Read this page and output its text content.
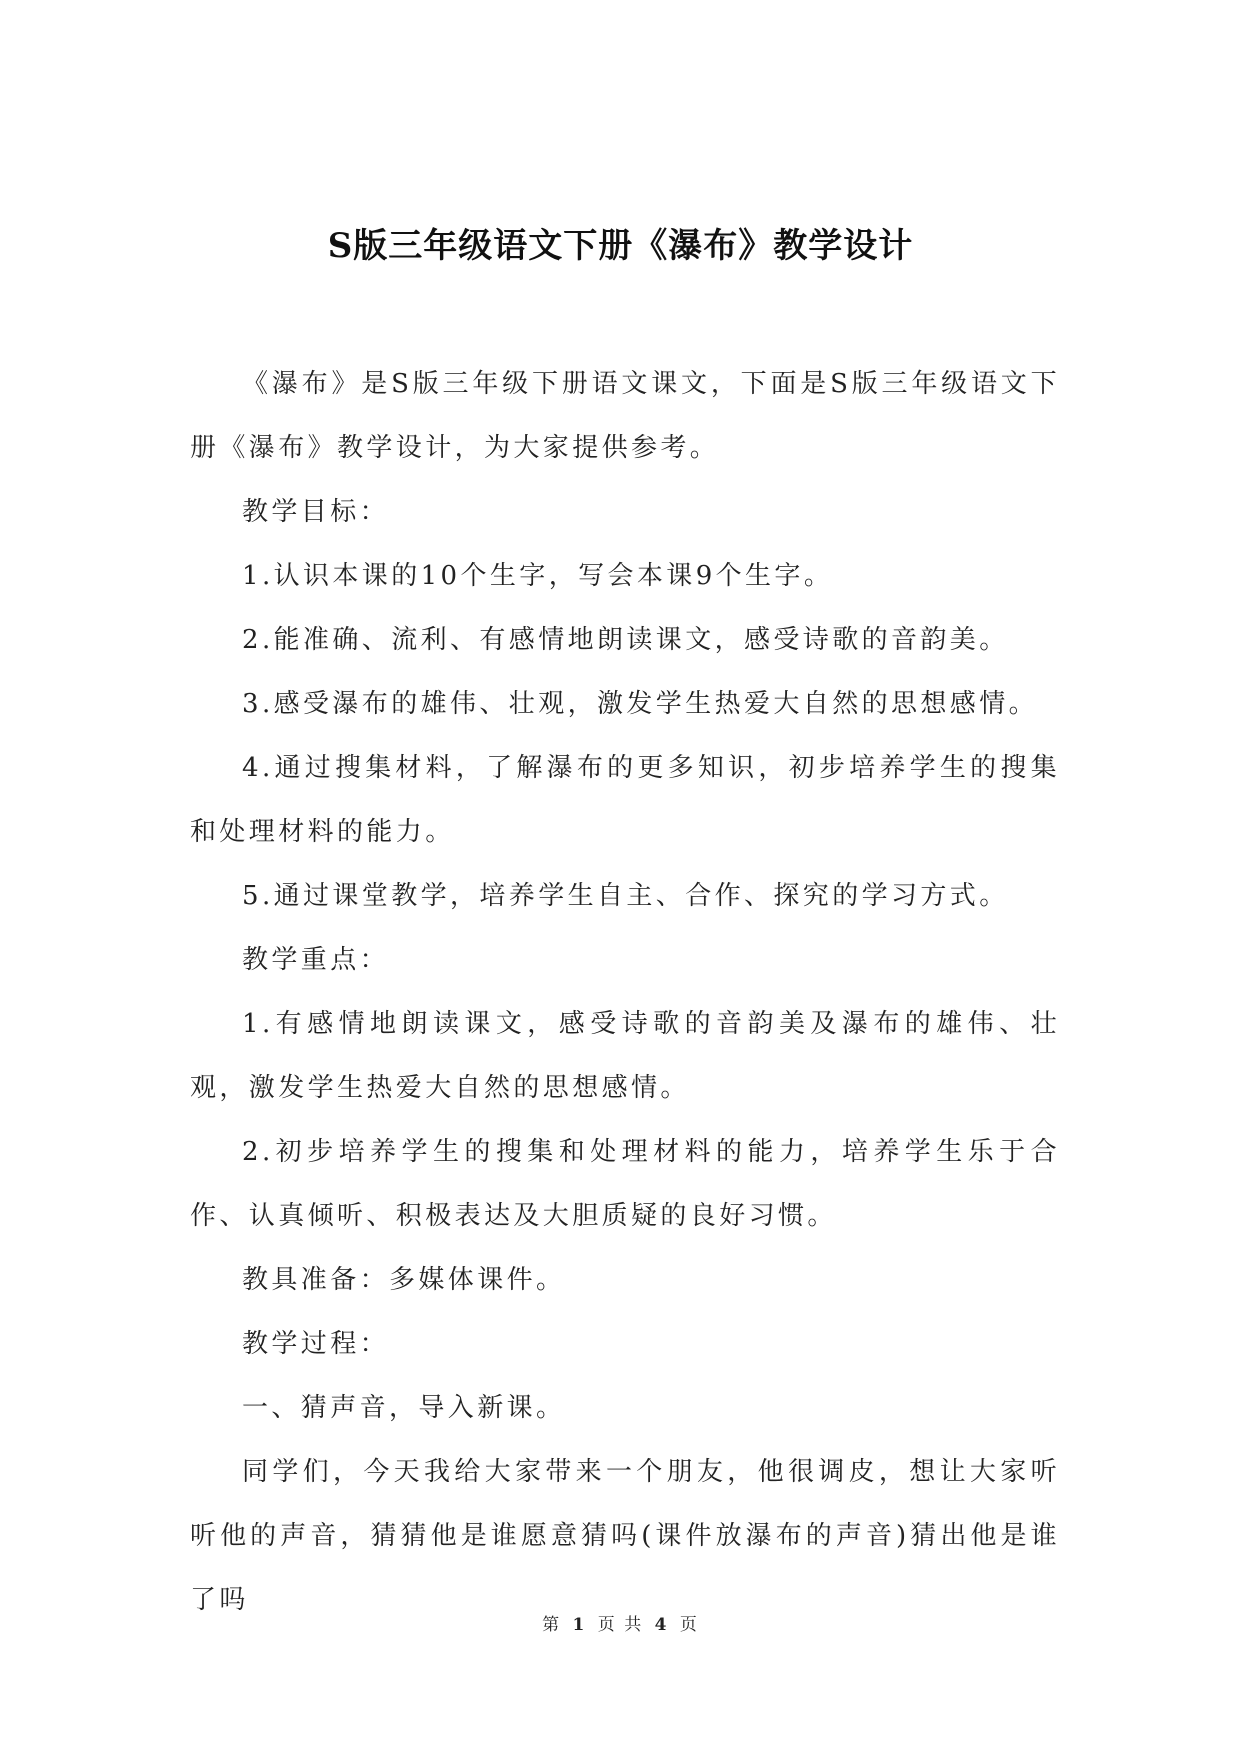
S版三年级语文下册《瀑布》教学设计

《瀑布》是S版三年级下册语文课文，下面是S版三年级语文下册《瀑布》教学设计，为大家提供参考。

教学目标：

1.认识本课的10个生字，写会本课9个生字。

2.能准确、流利、有感情地朗读课文，感受诗歌的音韵美。

3.感受瀑布的雄伟、壮观，激发学生热爱大自然的思想感情。

4.通过搜集材料，了解瀑布的更多知识，初步培养学生的搜集和处理材料的能力。

5.通过课堂教学，培养学生自主、合作、探究的学习方式。

教学重点：

1.有感情地朗读课文，感受诗歌的音韵美及瀑布的雄伟、壮观，激发学生热爱大自然的思想感情。

2.初步培养学生的搜集和处理材料的能力，培养学生乐于合作、认真倾听、积极表达及大胆质疑的良好习惯。

教具准备：多媒体课件。

教学过程：

一、猜声音，导入新课。

同学们，今天我给大家带来一个朋友，他很调皮，想让大家听听他的声音，猜猜他是谁愿意猜吗(课件放瀑布的声音)猜出他是谁了吗

第 1 页 共 4 页
